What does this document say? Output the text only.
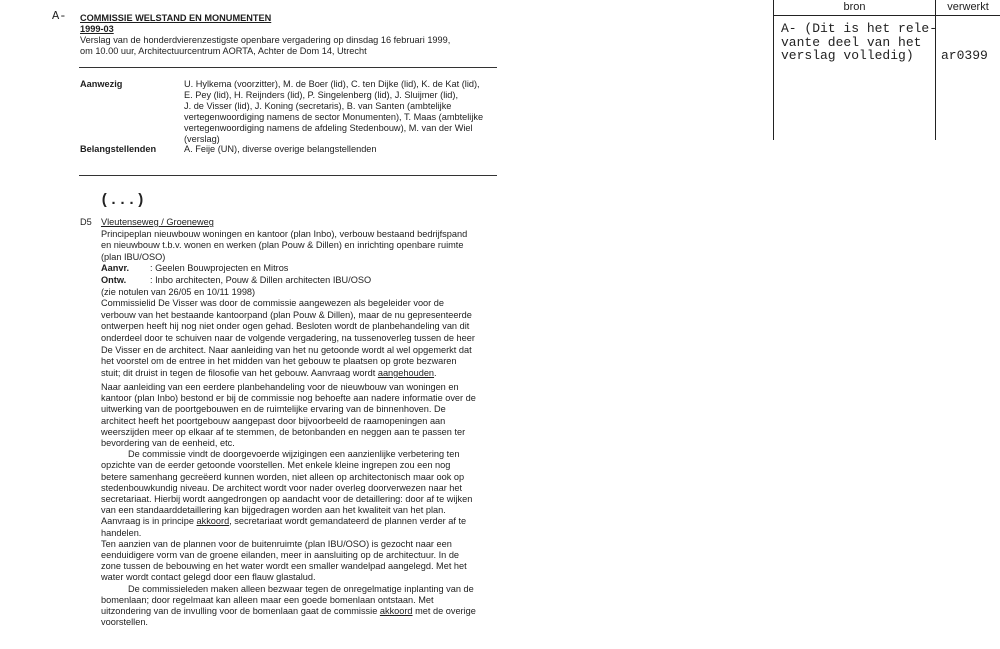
A- COMMISSIE WELSTAND EN MONUMENTEN
1999-03
Verslag van de honderdvierenzestigste openbare vergadering op dinsdag 16 februari 1999,
om 10.00 uur, Architectuurcentrum AORTA, Achter de Dom 14, Utrecht
Aanwezig	U. Hylkema (voorzitter), M. de Boer (lid), C. ten Dijke (lid), K. de Kat (lid),
E. Pey (lid), H. Reijnders (lid), P. Singelenberg (lid), J. Sluijmer (lid),
J. de Visser (lid), J. Koning (secretaris), B. van Santen (ambtelijke
vertegenwoordiging namens de sector Monumenten), T. Maas (ambtelijke
vertegenwoordiging namens de afdeling Stedenbouw), M. van der Wiel
(verslag)
Belangstellenden	A. Feije (UN), diverse overige belangstellenden
(...)
D5 Vleutenseweg / Groeneweg
Principeplan nieuwbouw woningen en kantoor (plan Inbo), verbouw bestaand bedrijfspand
en nieuwbouw t.b.v. wonen en werken (plan Pouw & Dillen) en inrichting openbare ruimte
(plan IBU/OSO)
Aanvr. : Geelen Bouwprojecten en Mitros
Ontw.	: Inbo architecten, Pouw & Dillen architecten IBU/OSO
(zie notulen van 26/05 en 10/11 1998)
Commissielid De Visser was door de commissie aangewezen als begeleider voor de
verbouw van het bestaande kantoorpand (plan Pouw & Dillen), maar de nu gepresenteerde
ontwerpen heeft hij nog niet onder ogen gehad. Besloten wordt de planbehandeling van dit
onderdeel door te schuiven naar de volgende vergadering, na tussenoverleg tussen de heer
De Visser en de architect. Naar aanleiding van het nu getoonde wordt al wel opgemerkt dat
het voorstel om de entree in het midden van het gebouw te plaatsen op grote bezwaren
stuit; dit druist in tegen de filosofie van het gebouw. Aanvraag wordt aangehouden.
Naar aanleiding van een eerdere planbehandeling voor de nieuwbouw van woningen en
kantoor (plan Inbo) bestond er bij de commissie nog behoefte aan nadere informatie over de
uitwerking van de poortgebouwen en de ruimtelijke ervaring van de binnenhoven. De
architect heeft het poortgebouw aangepast door bijvoorbeeld de raamopeningen aan
weerszijden meer op elkaar af te stemmen, de betonbanden en neggen aan te passen ter
bevordering van de eenheid, etc.
De commissie vindt de doorgevoerde wijzigingen een aanzienlijke verbetering ten
opzichte van de eerder getoonde voorstellen. Met enkele kleine ingrepen zou een nog
betere samenhang gecreëerd kunnen worden, niet alleen op architectonisch maar ook op
stedenbouwkundig niveau. De architect wordt voor nader overleg doorverwezen naar het
secretariaat. Hierbij wordt aangedrongen op aandacht voor de detaillering: door af te wijken
van een standaarddetaillering kan bijgedragen worden aan het kwaliteit van het plan.
Aanvraag is in principe akkoord, secretariaat wordt gemandateerd de plannen verder af te
handelen.
Ten aanzien van de plannen voor de buitenruimte (plan IBU/OSO) is gezocht naar een
eenduidigere vorm van de groene eilanden, meer in aansluiting op de architectuur. In de
zone tussen de bebouwing en het water wordt een smaller wandelpad aangelegd. Met het
water wordt contact gelegd door een flauw glastalud.
De commissieleden maken alleen bezwaar tegen de onregelmatige inplanting van de
bomenlaan; door regelmaat kan alleen maar een goede bomenlaan ontstaan. Met
uitzondering van de invulling voor de bomenlaan gaat de commissie akkoord met de overige
voorstellen.
bron	verwerkt
A- (Dit is het rele-
vante deel van het
verslag volledig)	ar0399
